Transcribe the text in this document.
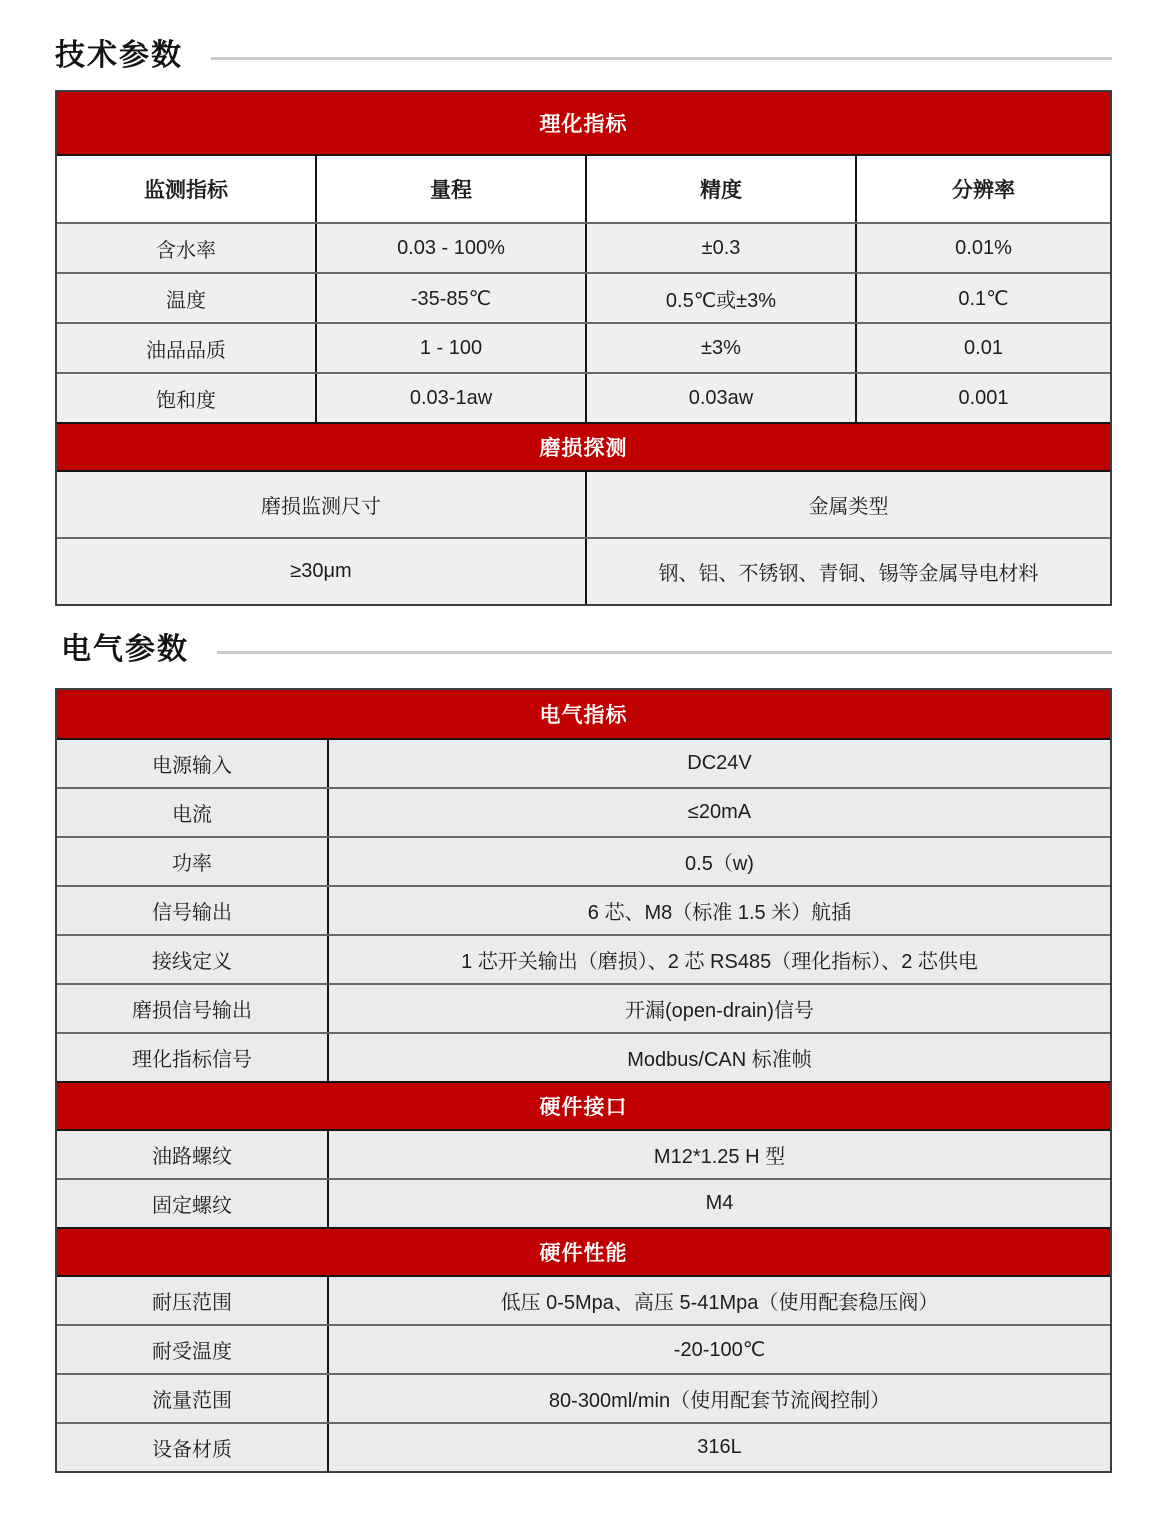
技术参数
理化指标
监测指标	量程	精度	分辨率
含水率	0.03 - 100%	±0.3	0.01%
温度	-35-85℃	0.5℃或±3%	0.1℃
油品品质	1 - 100	±3%	0.01
饱和度	0.03-1aw	0.03aw	0.001
磨损探测
磨损监测尺寸	金属类型
≥30μm	钢、铝、不锈钢、青铜、锡等金属导电材料
电气参数
电气指标
电源输入	DC24V
电流	≤20mA
功率	0.5（w)
信号输出	6 芯、M8（标准 1.5 米）航插
接线定义	1 芯开关输出（磨损）、2 芯 RS485（理化指标）、2 芯供电
磨损信号输出	开漏(open-drain)信号
理化指标信号	Modbus/CAN 标准帧
硬件接口
油路螺纹	M12*1.25 H 型
固定螺纹	M4
硬件性能
耐压范围	低压 0-5Mpa、高压 5-41Mpa（使用配套稳压阀）
耐受温度	-20-100℃
流量范围	80-300ml/min（使用配套节流阀控制）
设备材质	316L
